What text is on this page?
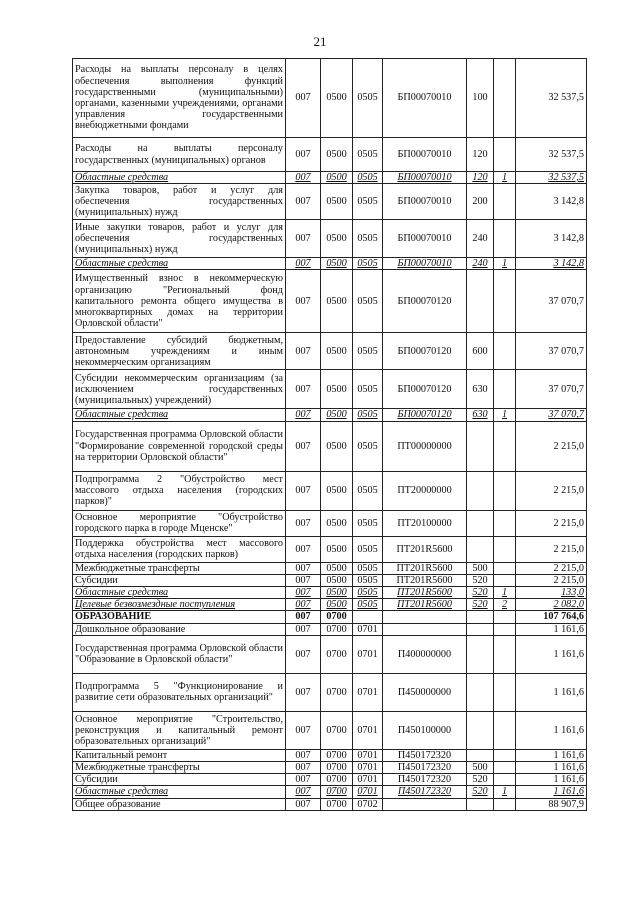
21
Расходы на выплаты персоналу в целях обеспечения выполнения функций государственными (муниципальными) органами, казенными учреждениями, органами управления государственными внебюджетными фондами	007	0500	0505	БП00070010	100		32 537,5
Расходы на выплаты персоналу государственных (муниципальных) органов	007	0500	0505	БП00070010	120		32 537,5
Областные средства	007	0500	0505	БП00070010	120	1	32 537,5
Закупка товаров, работ и услуг для обеспечения государственных (муниципальных) нужд	007	0500	0505	БП00070010	200		3 142,8
Иные закупки товаров, работ и услуг для обеспечения государственных (муниципальных) нужд	007	0500	0505	БП00070010	240		3 142,8
Областные средства	007	0500	0505	БП00070010	240	1	3 142,8
Имущественный взнос в некоммерческую организацию "Региональный фонд капитального ремонта общего имущества в многоквартирных домах на территории Орловской области"	007	0500	0505	БП00070120			37 070,7
Предоставление субсидий бюджетным, автономным учреждениям и иным некоммерческим организациям	007	0500	0505	БП00070120	600		37 070,7
Субсидии некоммерческим организациям (за исключением государственных (муниципальных) учреждений)	007	0500	0505	БП00070120	630		37 070,7
Областные средства	007	0500	0505	БП00070120	630	1	37 070,7
Государственная программа Орловской области "Формирование современной городской среды на территории Орловской области"	007	0500	0505	ПТ00000000			2 215,0
Подпрограмма 2 "Обустройство мест массового отдыха населения (городских парков)"	007	0500	0505	ПТ20000000			2 215,0
Основное мероприятие "Обустройство городского парка в городе Мценске"	007	0500	0505	ПТ20100000			2 215,0
Поддержка обустройства мест массового отдыха населения (городских парков)	007	0500	0505	ПТ201R5600			2 215,0
Межбюджетные трансферты	007	0500	0505	ПТ201R5600	500		2 215,0
Субсидии	007	0500	0505	ПТ201R5600	520		2 215,0
Областные средства	007	0500	0505	ПТ201R5600	520	1	133,0
Целевые безвозмездные поступления	007	0500	0505	ПТ201R5600	520	2	2 082,0
ОБРАЗОВАНИЕ	007	0700					107 764,6
Дошкольное образование	007	0700	0701				1 161,6
Государственная программа Орловской области "Образование в Орловской области"	007	0700	0701	П400000000			1 161,6
Подпрограмма 5 "Функционирование и развитие сети образовательных организаций"	007	0700	0701	П450000000			1 161,6
Основное мероприятие "Строительство, реконструкция и капитальный ремонт образовательных организаций"	007	0700	0701	П450100000			1 161,6
Капитальный ремонт	007	0700	0701	П450172320			1 161,6
Межбюджетные трансферты	007	0700	0701	П450172320	500		1 161,6
Субсидии	007	0700	0701	П450172320	520		1 161,6
Областные средства	007	0700	0701	П450172320	520	1	1 161,6
Общее образование	007	0700	0702				88 907,9
